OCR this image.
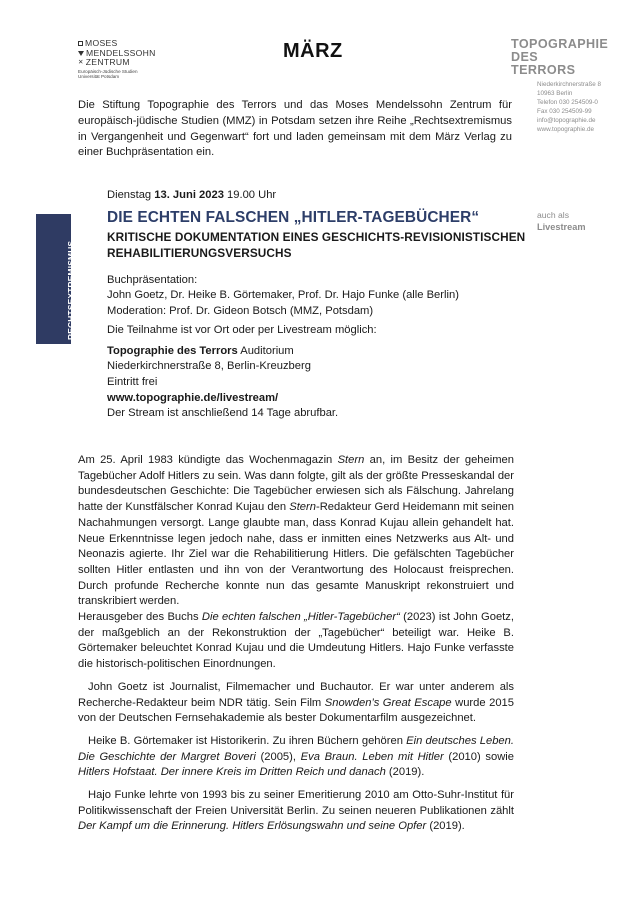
MOSES
MENDELSSOHN
✕ ZENTRUM
Europäisch-Jüdische Studien
Universität Potsdam
MÄRZ	TOPOGRAPHIE
DES
TERRORS
Niederkirchnerstraße 8
10963 Berlin
Telefon 030 254509-0
Fax 030 254509-99
info@topographie.de
www.topographie.de
Die Stiftung Topographie des Terrors und das Moses Mendelssohn Zentrum für europäisch-jüdische Studien (MMZ) in Potsdam setzen ihre Reihe „Rechtsextremismus in Vergangenheit und Gegenwart“ fort und laden gemeinsam mit dem März Verlag zu einer Buchpräsentation ein.
Dienstag 13. Juni 2023 19.00 Uhr
RECHTSEXTREMISMUS IN VERGANGENHEIT UND GEGENWART
DIE ECHTEN FALSCHEN „HITLER-TAGEBÜCHER“
KRITISCHE DOKUMENTATION EINES GESCHICHTS-REVISIONISTISCHEN REHABILITIERUNGSVERSUCHS
auch als
Livestream
Buchpräsentation:
John Goetz, Dr. Heike B. Görtemaker, Prof. Dr. Hajo Funke (alle Berlin)
Moderation: Prof. Dr. Gideon Botsch (MMZ, Potsdam)
Die Teilnahme ist vor Ort oder per Livestream möglich:
Topographie des Terrors Auditorium
Niederkirchnerstraße 8, Berlin-Kreuzberg
Eintritt frei
www.topographie.de/livestream/
Der Stream ist anschließend 14 Tage abrufbar.

Am 25. April 1983 kündigte das Wochenmagazin Stern an, im Besitz der geheimen Tagebücher Adolf Hitlers zu sein. Was dann folgte, gilt als der größte Presseskandal der bundesdeutschen Geschichte: Die Tagebücher erwiesen sich als Fälschung. Jahrelang hatte der Kunstfälscher Konrad Kujau den Stern-Redakteur Gerd Heidemann mit seinen Nachahmungen versorgt. Lange glaubte man, dass Konrad Kujau allein gehandelt hat. Neue Erkenntnisse legen jedoch nahe, dass er inmitten eines Netzwerks aus Alt- und Neonazis agierte. Ihr Ziel war die Rehabilitierung Hitlers. Die gefälschten Tagebücher sollten Hitler entlasten und ihn von der Verantwortung des Holocaust freisprechen. Durch profunde Recherche konnte nun das gesamte Manuskript rekonstruiert und transkribiert werden.

Herausgeber des Buchs Die echten falschen „Hitler-Tagebücher“ (2023) ist John Goetz, der maßgeblich an der Rekonstruktion der „Tagebücher“ beteiligt war. Heike B. Görtemaker beleuchtet Konrad Kujau und die Umdeutung Hitlers. Hajo Funke verfasste die historisch-politischen Einordnungen.

John Goetz ist Journalist, Filmemacher und Buchautor. Er war unter anderem als Recherche-Redakteur beim NDR tätig. Sein Film Snowden’s Great Escape wurde 2015 von der Deutschen Fernsehakademie als bester Dokumentarfilm ausgezeichnet.

Heike B. Görtemaker ist Historikerin. Zu ihren Büchern gehören Ein deutsches Leben. Die Geschichte der Margret Boveri (2005), Eva Braun. Leben mit Hitler (2010) sowie Hitlers Hofstaat. Der innere Kreis im Dritten Reich und danach (2019).

Hajo Funke lehrte von 1993 bis zu seiner Emeritierung 2010 am Otto-Suhr-Institut für Politikwissenschaft der Freien Universität Berlin. Zu seinen neueren Publikationen zählt Der Kampf um die Erinnerung. Hitlers Erlösungswahn und seine Opfer (2019).
